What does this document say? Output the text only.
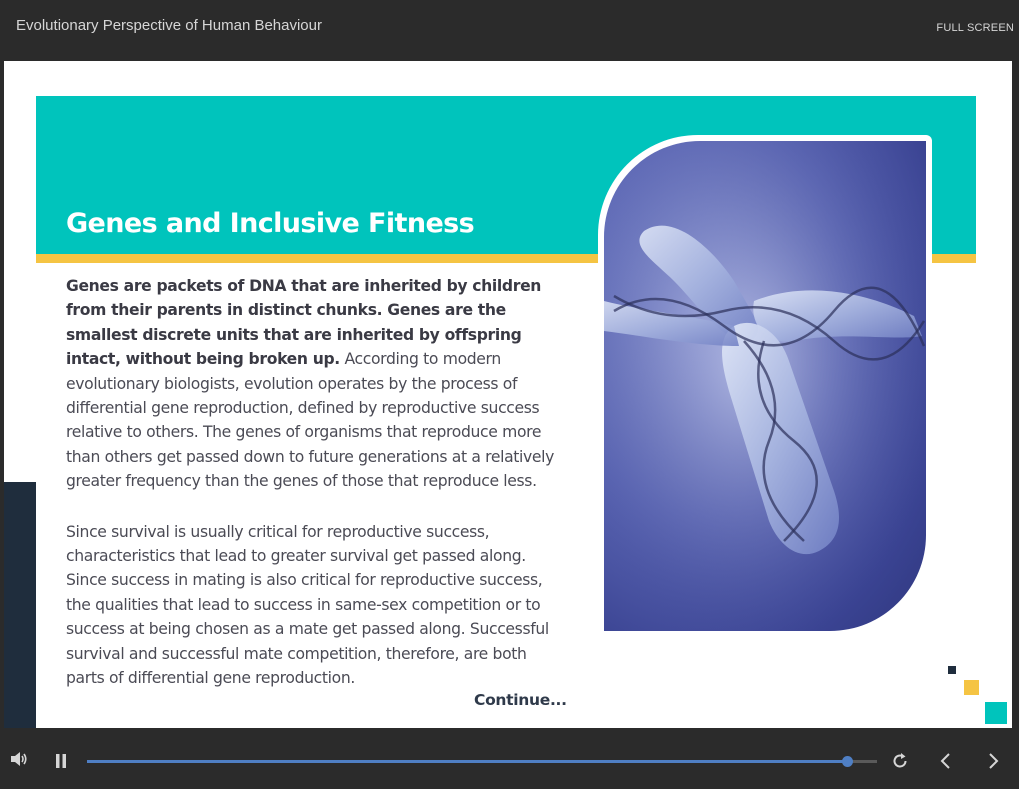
Evolutionary Perspective of Human Behaviour	FULL SCREEN
Genes and Inclusive Fitness

Genes are packets of DNA that are inherited by children from their parents in distinct chunks. Genes are the smallest discrete units that are inherited by offspring intact, without being broken up. According to modern evolutionary biologists, evolution operates by the process of differential gene reproduction, defined by reproductive success relative to others. The genes of organisms that reproduce more than others get passed down to future generations at a relatively greater frequency than the genes of those that reproduce less.

Since survival is usually critical for reproductive success, characteristics that lead to greater survival get passed along. Since success in mating is also critical for reproductive success, the qualities that lead to success in same-sex competition or to success at being chosen as a mate get passed along. Successful survival and successful mate competition, therefore, are both parts of differential gene reproduction.

Continue...
